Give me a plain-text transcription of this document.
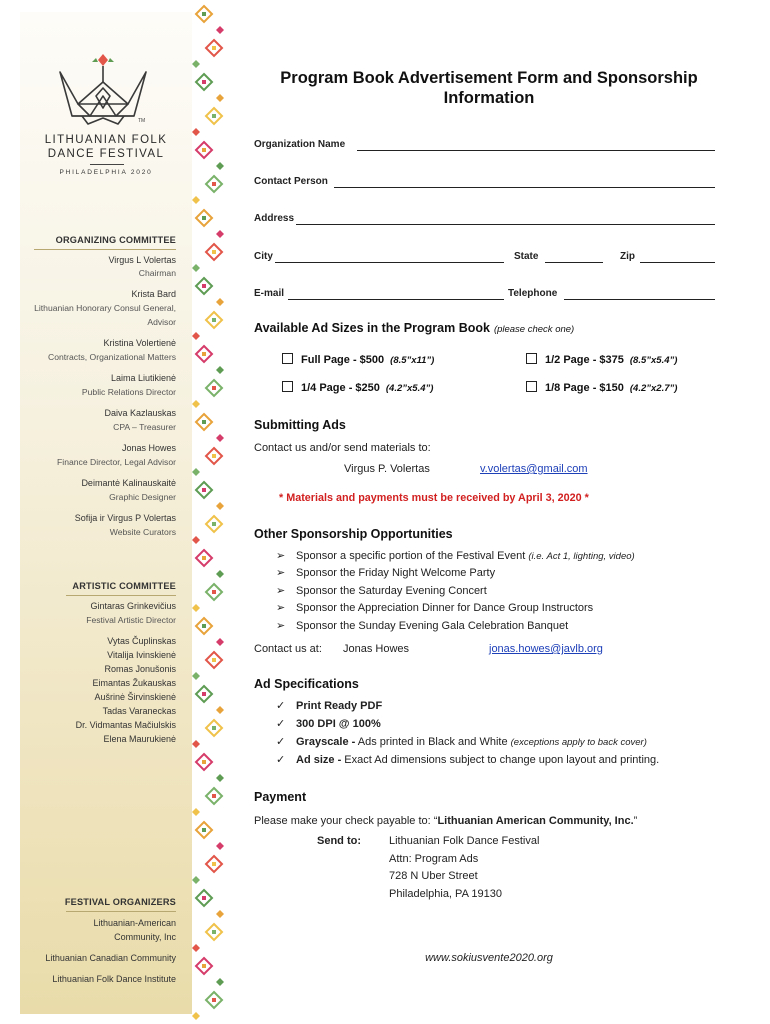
TM
LITHUANIAN FOLK
DANCE FESTIVAL
PHILADELPHIA 2020
ORGANIZING COMMITTEE
Virgus L Volertas
Chairman
Krista Bard
Lithuanian Honorary Consul General,
Advisor
Kristina Volertienė
Contracts, Organizational Matters
Laima Liutikienė
Public Relations Director
Daiva Kazlauskas
CPA – Treasurer
Jonas Howes
Finance Director, Legal Advisor
Deimantė Kalinauskaitė
Graphic Designer
Sofija ir Virgus P Volertas
Website Curators
ARTISTIC COMMITTEE
Gintaras Grinkevičius
Festival Artistic Director
Vytas Čuplinskas
Vitalija Ivinskienė
Romas Jonušonis
Eimantas Žukauskas
Aušrinė Širvinskienė
Tadas Varaneckas
Dr. Vidmantas Mačiulskis
Elena Maurukienė
FESTIVAL ORGANIZERS
Lithuanian-American
Community, Inc
Lithuanian Canadian Community
Lithuanian Folk Dance Institute
Program Book Advertisement Form and Sponsorship Information
Organization Name
Contact Person
Address
City	State	Zip
E-mail	Telephone
Available Ad Sizes in the Program Book (please check one)
Full Page - $500 (8.5”x11”)	1/2 Page - $375 (8.5”x5.4”)
1/4 Page - $250 (4.2”x5.4”)	1/8 Page - $150 (4.2”x2.7”)
Submitting Ads
Contact us and/or send materials to:
Virgus P. Volertas	v.volertas@gmail.com
* Materials and payments must be received by April 3, 2020 *
Other Sponsorship Opportunities
➢ Sponsor a specific portion of the Festival Event (i.e. Act 1, lighting, video)
➢ Sponsor the Friday Night Welcome Party
➢ Sponsor the Saturday Evening Concert
➢ Sponsor the Appreciation Dinner for Dance Group Instructors
➢ Sponsor the Sunday Evening Gala Celebration Banquet
Contact us at: Jonas Howes	jonas.howes@javlb.org
Ad Specifications
✓ Print Ready PDF
✓ 300 DPI @ 100%
✓ Grayscale - Ads printed in Black and White (exceptions apply to back cover)
✓ Ad size - Exact Ad dimensions subject to change upon layout and printing.
Payment
Please make your check payable to: “Lithuanian American Community, Inc.”
Send to:	Lithuanian Folk Dance Festival
Attn: Program Ads
728 N Uber Street
Philadelphia, PA 19130
www.sokiusvente2020.org
